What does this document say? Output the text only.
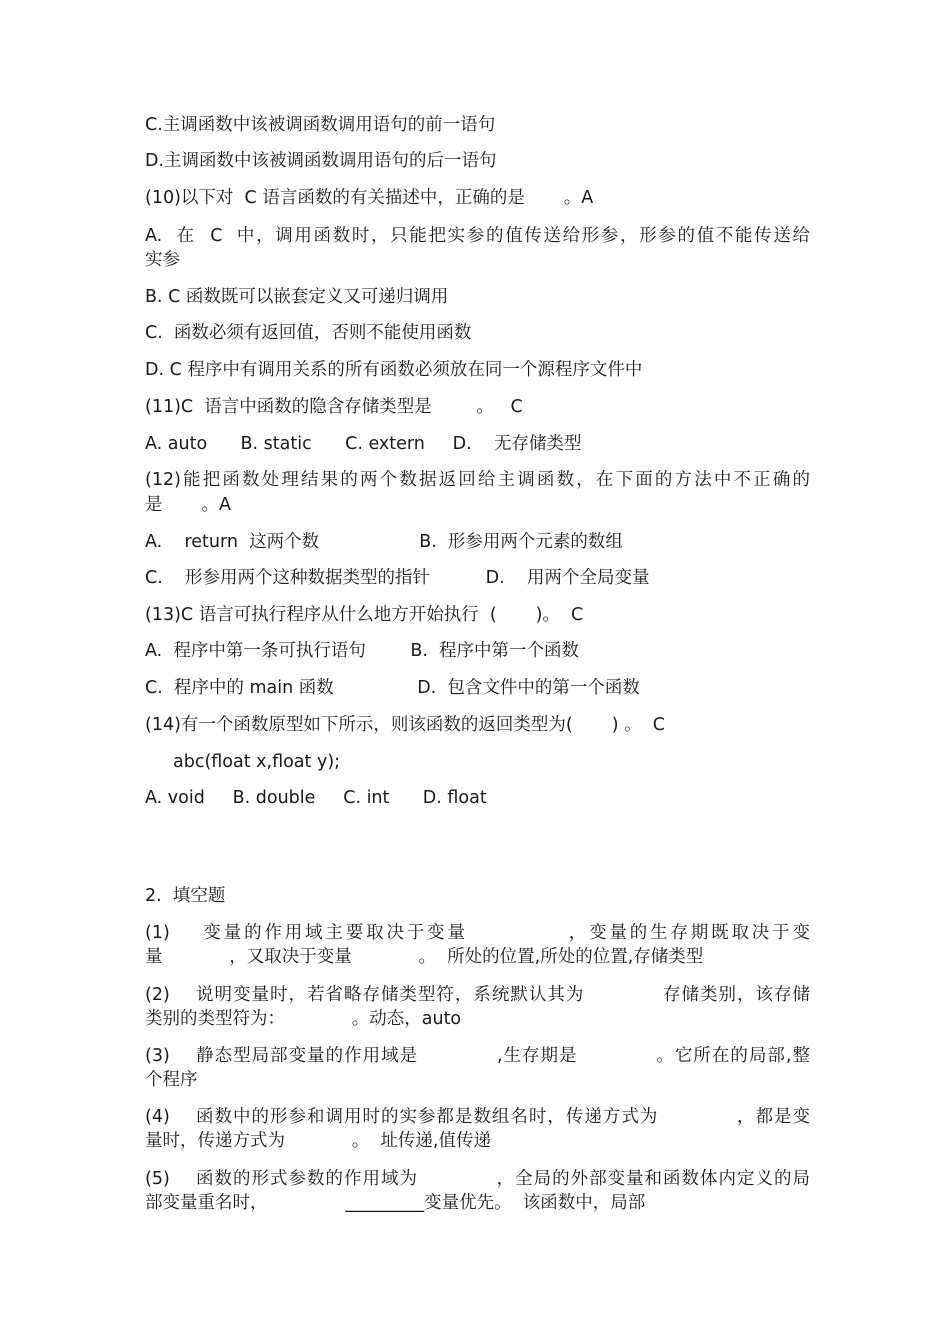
C.主调函数中该被调函数调用语句的前一语句
D.主调函数中该被调函数调用语句的后一语句
(10)以下对  C 语言函数的有关描述中，正确的是       。A
A.  在  C  中，调用函数时，只能把实参的值传送给形参，形参的值不能传送给
实参
B. C 函数既可以嵌套定义又可递归调用
C.  函数必须有返回值，否则不能使用函数
D. C 程序中有调用关系的所有函数必须放在同一个源程序文件中
(11)C  语言中函数的隐含存储类型是        。   C
A. auto      B. static      C. extern     D.    无存储类型
(12)能把函数处理结果的两个数据返回给主调函数，在下面的方法中不正确的
是       。A
A.    return  这两个数                  B.  形参用两个元素的数组
C.    形参用两个这种数据类型的指针          D.    用两个全局变量
(13)C 语言可执行程序从什么地方开始执行  (       )。  C
A.  程序中第一条可执行语句        B.  程序中第一个函数
C.  程序中的 main 函数               D.  包含文件中的第一个函数
(14)有一个函数原型如下所示，则该函数的返回类型为(       ) 。  C
abc(float x,float y);
A. void     B. double     C. int      D. float
2.  填空题
(1)    变量的作用域主要取决于变量            ，变量的生存期既取决于变
量            ，又取决于变量            。  所处的位置,所处的位置,存储类型
(2)    说明变量时，若省略存储类型符，系统默认其为            存储类别，该存储
类别的类型符为：            。动态，auto
(3)    静态型局部变量的作用域是            ,生存期是            。它所在的局部,整
个程序
(4)    函数中的形参和调用时的实参都是数组名时，传递方式为            ，都是变
量时，传递方式为            。  址传递,值传递
(5)    函数的形式参数的作用域为            ，全局的外部变量和函数体内定义的局
部变量重名时，              _________变量优先。  该函数中，局部
